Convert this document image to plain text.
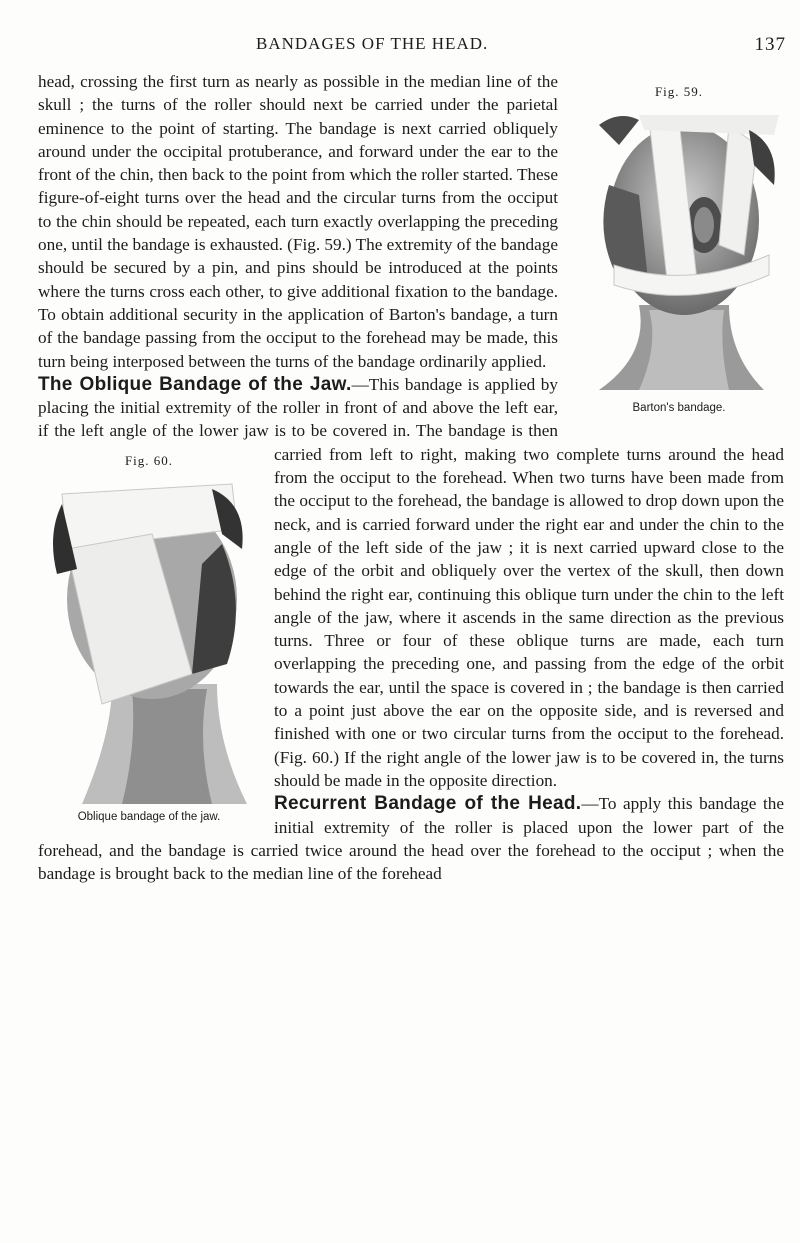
BANDAGES OF THE HEAD.	137
Fig. 59.
Barton's bandage.

head, crossing the first turn as nearly as possible in the median line of the skull ; the turns of the roller should next be carried under the parietal eminence to the point of starting. The bandage is next carried obliquely around under the occipital protuberance, and forward under the ear to the front of the chin, then back to the point from which the roller started. These figure-of-eight turns over the head and the circular turns from the occiput to the chin should be repeated, each turn exactly overlapping the preceding one, until the bandage is exhausted. (Fig. 59.) The extremity of the bandage should be secured by a pin, and pins should be introduced at the points where the turns cross each other, to give additional fixation to the bandage. To obtain additional security in the application of Barton's bandage, a turn of the bandage passing from the occiput to the forehead may be made, this turn being interposed between the turns of the bandage ordinarily applied.

The Oblique Bandage of the Jaw.—This bandage is applied by placing the initial extremity of the roller in front of and above the left ear, if the left angle of the lower jaw is to be covered in. The bandage is then carried from left to right,
Fig. 60.
Oblique bandage of the jaw.
making two complete turns around the head from the occiput to the forehead. When two turns have been made from the occiput to the forehead, the bandage is allowed to drop down upon the neck, and is carried forward under the right ear and under the chin to the angle of the left side of the jaw ; it is next carried upward close to the edge of the orbit and obliquely over the vertex of the skull, then down behind the right ear, continuing this oblique turn under the chin to the left angle of the jaw, where it ascends in the same direction as the previous turns. Three or four of these oblique turns are made, each turn overlapping the preceding one, and passing from the edge of the orbit towards the ear, until the space is covered in ; the bandage is then carried to a point just above the ear on the opposite side, and is reversed and finished with one or two circular turns from the occiput to the forehead. (Fig. 60.) If the right angle of the lower jaw is to be covered in, the turns should be made in the opposite direction.

Recurrent Bandage of the Head.—To apply this bandage the initial extremity of the roller is placed upon the lower part of the forehead, and the bandage is carried twice around the head over the forehead to the occiput ; when the bandage is brought back to the median line of the forehead
